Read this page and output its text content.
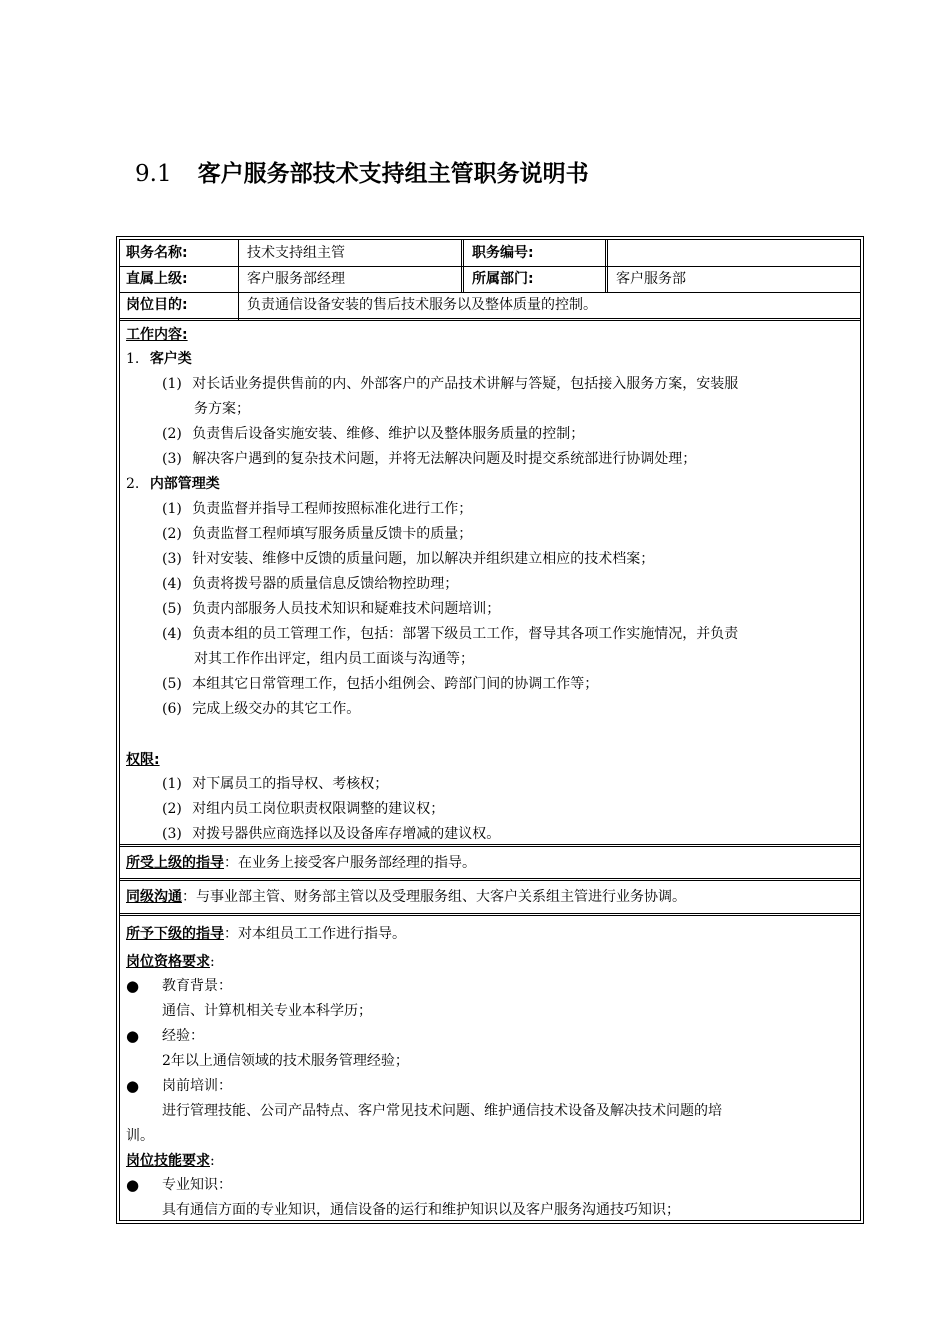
9.1 客户服务部技术支持组主管职务说明书
职务名称:	技术支持组主管	职务编号:
直属上级:	客户服务部经理	所属部门:	客户服务部
岗位目的:	负责通信设备安装的售后技术服务以及整体质量的控制。
工作内容:
1. 客户类
(1) 对长话业务提供售前的内、外部客户的产品技术讲解与答疑，包括接入服务方案，安装服
务方案；
(2) 负责售后设备实施安装、维修、维护以及整体服务质量的控制；
(3) 解决客户遇到的复杂技术问题，并将无法解决问题及时提交系统部进行协调处理；
2. 内部管理类
(1) 负责监督并指导工程师按照标准化进行工作；
(2) 负责监督工程师填写服务质量反馈卡的质量；
(3) 针对安装、维修中反馈的质量问题，加以解决并组织建立相应的技术档案；
(4) 负责将拨号器的质量信息反馈给物控助理；
(5) 负责内部服务人员技术知识和疑难技术问题培训；
(4) 负责本组的员工管理工作，包括：部署下级员工工作，督导其各项工作实施情况，并负责
对其工作作出评定，组内员工面谈与沟通等；
(5) 本组其它日常管理工作，包括小组例会、跨部门间的协调工作等；
(6) 完成上级交办的其它工作。
权限:
(1) 对下属员工的指导权、考核权；
(2) 对组内员工岗位职责权限调整的建议权；
(3) 对拨号器供应商选择以及设备库存增减的建议权。
所受上级的指导：在业务上接受客户服务部经理的指导。
同级沟通：与事业部主管、财务部主管以及受理服务组、大客户关系组主管进行业务协调。
所予下级的指导：对本组员工工作进行指导。
岗位资格要求:
● 教育背景：
通信、计算机相关专业本科学历；
● 经验：
2年以上通信领域的技术服务管理经验；
● 岗前培训：
进行管理技能、公司产品特点、客户常见技术问题、维护通信技术设备及解决技术问题的培
训。
岗位技能要求:
● 专业知识：
具有通信方面的专业知识，通信设备的运行和维护知识以及客户服务沟通技巧知识；
